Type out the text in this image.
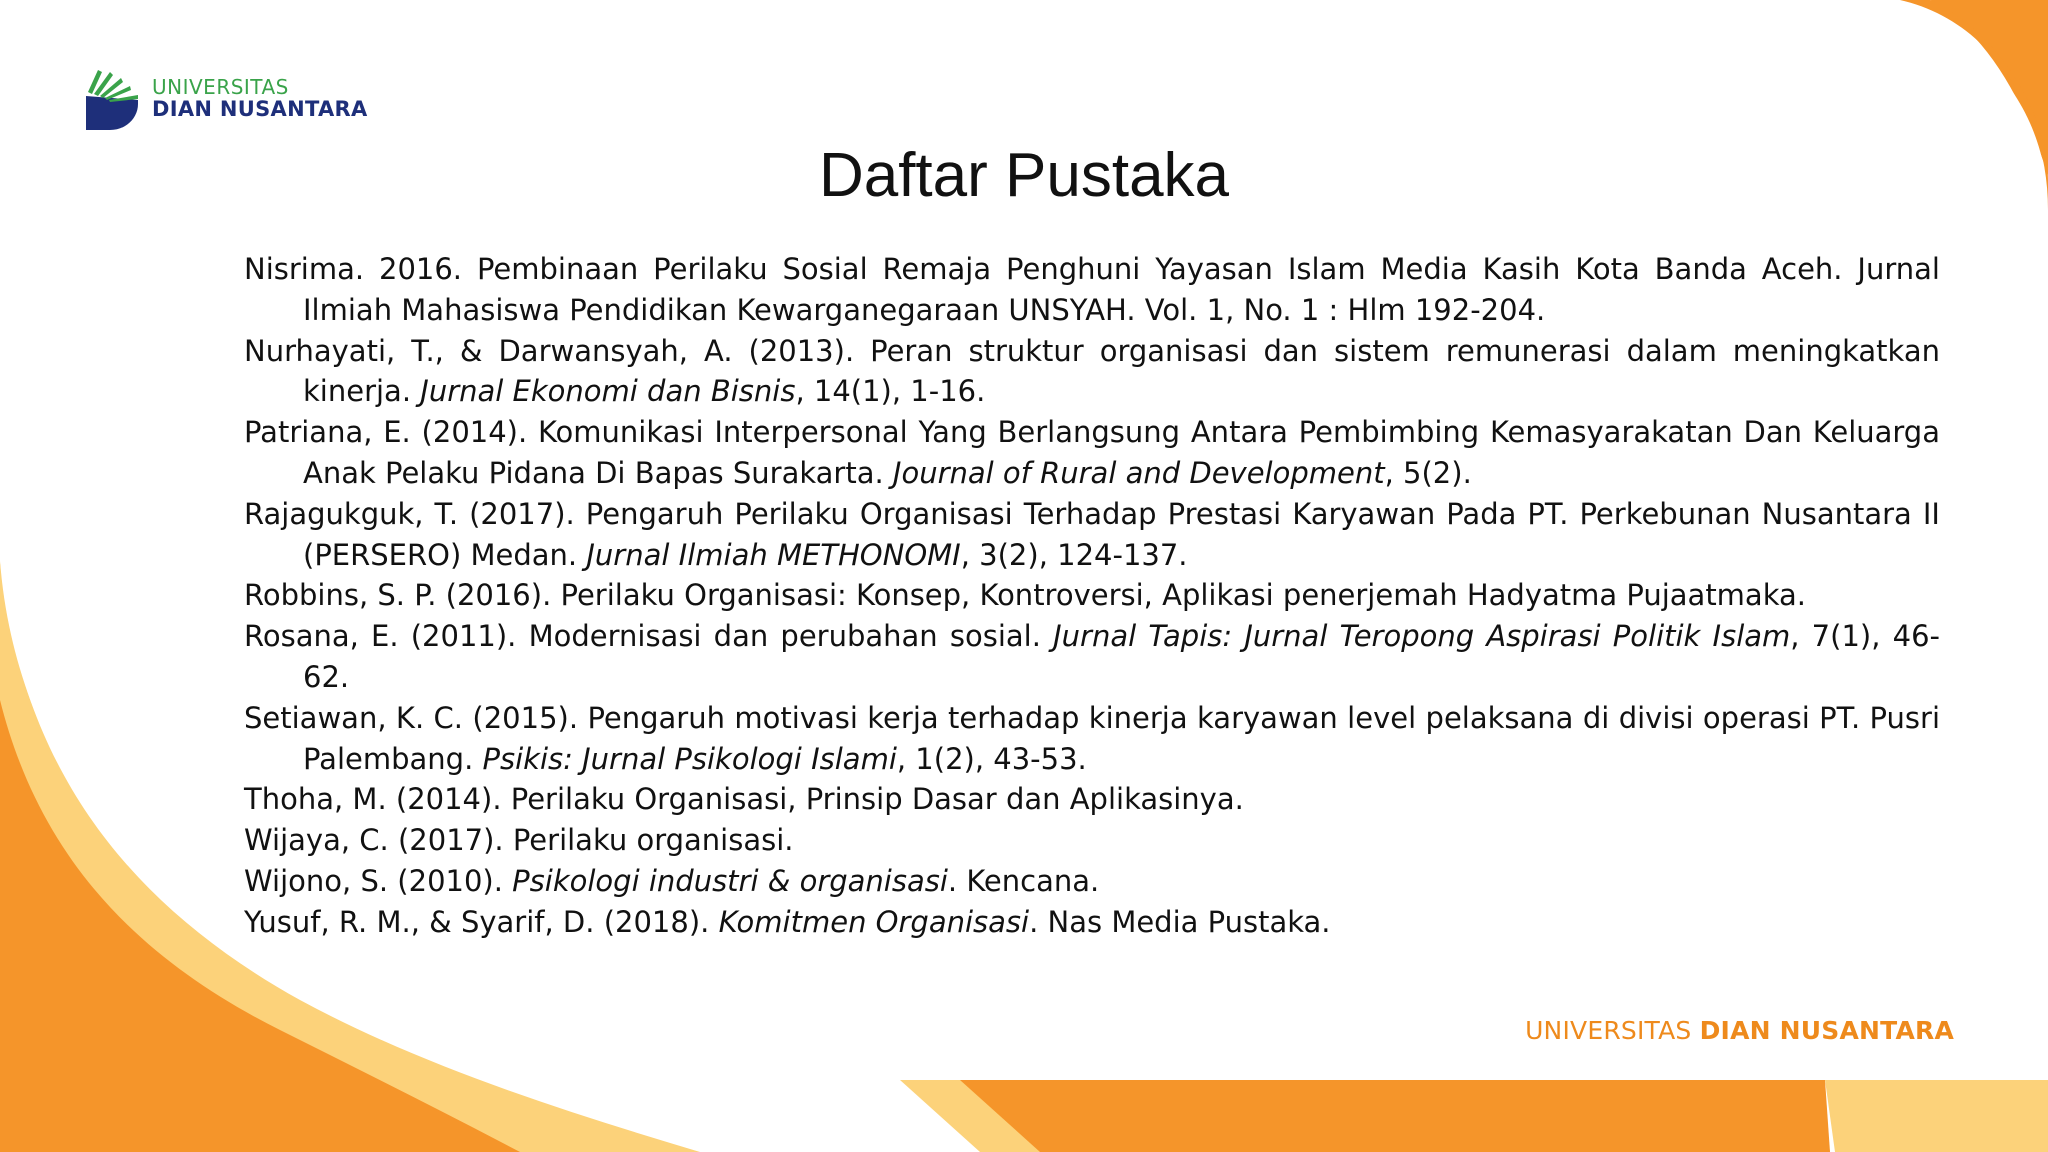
UNIVERSITAS
DIAN NUSANTARA
Daftar Pustaka

Nisrima. 2016. Pembinaan Perilaku Sosial Remaja Penghuni Yayasan Islam Media Kasih Kota Banda Aceh. Jurnal Ilmiah Mahasiswa Pendidikan Kewarganegaraan UNSYAH. Vol. 1, No. 1 : Hlm 192-204.

Nurhayati, T., & Darwansyah, A. (2013). Peran struktur organisasi dan sistem remunerasi dalam meningkatkan kinerja. Jurnal Ekonomi dan Bisnis, 14(1), 1-16.

Patriana, E. (2014). Komunikasi Interpersonal Yang Berlangsung Antara Pembimbing Kemasyarakatan Dan Keluarga Anak Pelaku Pidana Di Bapas Surakarta. Journal of Rural and Development, 5(2).

Rajagukguk, T. (2017). Pengaruh Perilaku Organisasi Terhadap Prestasi Karyawan Pada PT. Perkebunan Nusantara II (PERSERO) Medan. Jurnal Ilmiah METHONOMI, 3(2), 124-137.

Robbins, S. P. (2016). Perilaku Organisasi: Konsep, Kontroversi, Aplikasi penerjemah Hadyatma Pujaatmaka.

Rosana, E. (2011). Modernisasi dan perubahan sosial. Jurnal Tapis: Jurnal Teropong Aspirasi Politik Islam, 7(1), 46-62.

Setiawan, K. C. (2015). Pengaruh motivasi kerja terhadap kinerja karyawan level pelaksana di divisi operasi PT. Pusri Palembang. Psikis: Jurnal Psikologi Islami, 1(2), 43-53.

Thoha, M. (2014). Perilaku Organisasi, Prinsip Dasar dan Aplikasinya.

Wijaya, C. (2017). Perilaku organisasi.

Wijono, S. (2010). Psikologi industri & organisasi. Kencana.

Yusuf, R. M., & Syarif, D. (2018). Komitmen Organisasi. Nas Media Pustaka.

UNIVERSITAS DIAN NUSANTARA
